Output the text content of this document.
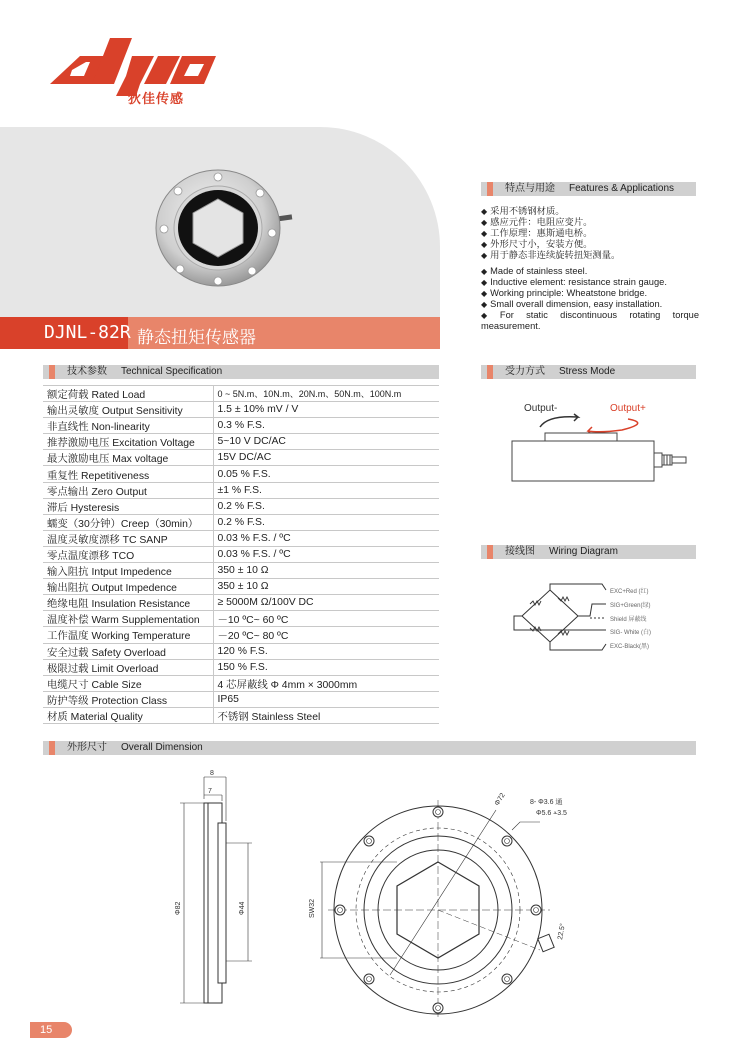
狄佳传感
DJNL-82R 静态扭矩传感器
特点与用途 Features & Applications
◆ 采用不锈钢材质。
◆ 感应元件：电阻应变片。
◆ 工作原理：惠斯通电桥。
◆ 外形尺寸小，安装方便。
◆ 用于静态非连续旋转扭矩测量。
◆ Made of stainless steel.
◆ Inductive element: resistance strain gauge.
◆ Working principle: Wheatstone bridge.
◆ Small overall dimension, easy installation.
◆ For static discontinuous rotating torque measurement.
技术参数 Technical Specification
额定荷载 Rated Load	0 ~ 5N.m、10N.m、20N.m、50N.m、100N.m
输出灵敏度 Output Sensitivity	1.5 ± 10% mV / V
非直线性 Non-linearity	0.3 % F.S.
推荐激励电压 Excitation Voltage	5~10 V DC/AC
最大激励电压 Max voltage	15V DC/AC
重复性 Repetitiveness	0.05 % F.S.
零点输出 Zero Output	±1 % F.S.
滞后 Hysteresis	0.2 % F.S.
蠕变（30分钟）Creep（30min）	0.2 % F.S.
温度灵敏度漂移 TC SANP	0.03 % F.S. / ºC
零点温度漂移 TCO	0.03 % F.S. / ºC
输入阻抗 Intput Impedence	350 ± 10 Ω
输出阻抗 Output Impedence	350 ± 10 Ω
绝缘电阻 Insulation Resistance	≥ 5000M Ω/100V DC
温度补偿 Warm Supplementation	－10 ºC~ 60 ºC
工作温度 Working Temperature	－20 ºC~ 80 ºC
安全过载 Safety Overload	120 % F.S.
极限过载 Limit Overload	150 % F.S.
电缆尺寸 Cable Size	4 芯屏蔽线 Φ 4mm × 3000mm
防护等级 Protection Class	IP65
材质 Material Quality	不锈钢 Stainless Steel
受力方式 Stress Mode
Output-	Output+
接线图 Wiring Diagram
EXC+Red (红)
SIG+Green(绿)
Shield 屏蔽线
SIG- White (白)
EXC-Black(黑)
外形尺寸 Overall Dimension
8
7
Φ82	Φ44
Φ72	8- Φ3.6 通
Φ5.6 ⩡3.5
SW32
22.5°
15
